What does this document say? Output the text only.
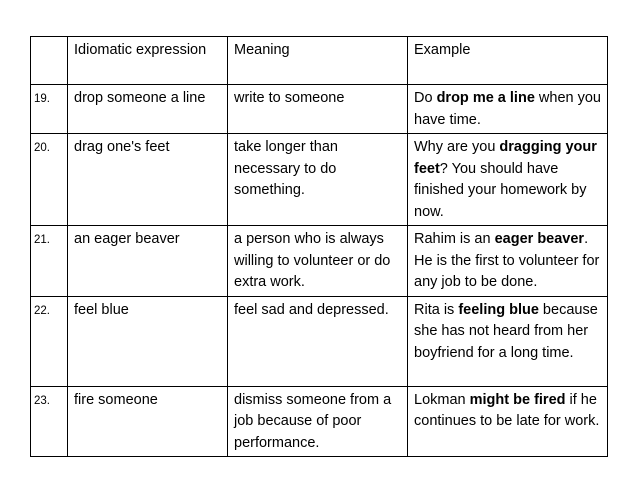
	Idiomatic expression	Meaning	Example
19.	drop someone a line	write to someone	Do drop me a line when you have time.
20.	drag one's feet	take longer than necessary to do something.	Why are you dragging your feet? You should have finished your homework by now.
21.	an eager beaver	a person who is always willing to volunteer or do extra work.	Rahim is an eager beaver. He is the first to volunteer for any job to be done.
22.	feel blue	feel sad and depressed.	Rita is feeling blue because she has not heard from her boyfriend for a long time.
23.	fire someone	dismiss someone from a job because of poor performance.	Lokman might be fired if he continues to be late for work.
